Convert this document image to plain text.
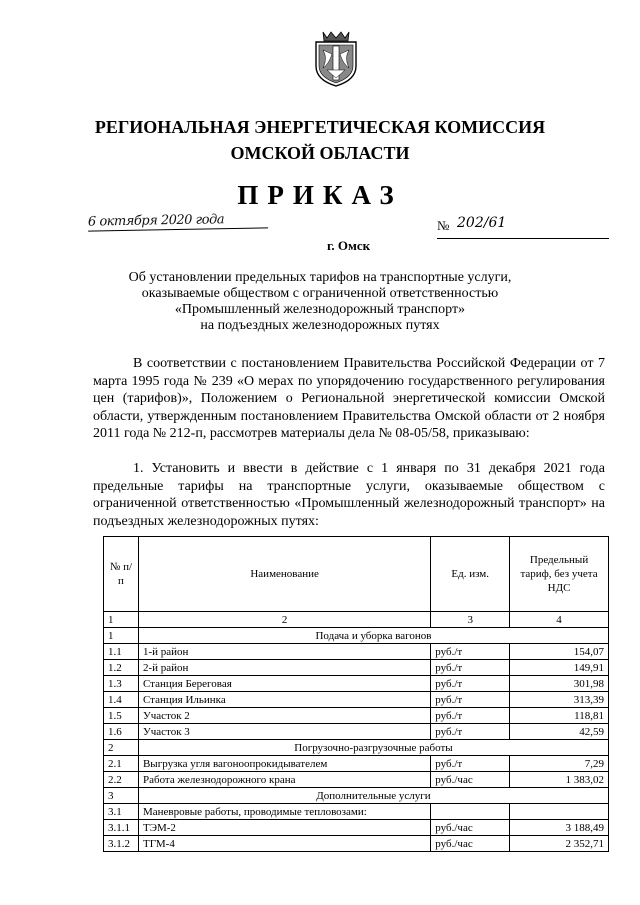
РЕГИОНАЛЬНАЯ ЭНЕРГЕТИЧЕСКАЯ КОМИССИЯ
ОМСКОЙ ОБЛАСТИ
ПРИКАЗ
6 октября 2020 года	№ 202/61
г. Омск
Об установлении предельных тарифов на транспортные услуги,
оказываемые обществом с ограниченной ответственностью
«Промышленный железнодорожный транспорт»
на подъездных железнодорожных путях
В соответствии с постановлением Правительства Российской Федерации от 7 марта 1995 года № 239 «О мерах по упорядочению государственного регулирования цен (тарифов)», Положением о Региональной энергетической комиссии Омской области, утвержденным постановлением Правительства Омской области от 2 ноября 2011 года № 212-п, рассмотрев материалы дела № 08-05/58, приказываю:
1. Установить и ввести в действие с 1 января по 31 декабря 2021 года предельные тарифы на транспортные услуги, оказываемые обществом с ограниченной ответственностью «Промышленный железнодорожный транспорт» на подъездных железнодорожных путях:
№ п/п	Наименование	Ед. изм.	Предельный тариф, без учета НДС
1	2	3	4
1	Подача и уборка вагонов		
1.1	1-й район	руб./т	154,07
1.2	2-й район	руб./т	149,91
1.3	Станция Береговая	руб./т	301,98
1.4	Станция Ильинка	руб./т	313,39
1.5	Участок 2	руб./т	118,81
1.6	Участок 3	руб./т	42,59
2	Погрузочно-разгрузочные работы		
2.1	Выгрузка угля вагоноопрокидывателем	руб./т	7,29
2.2	Работа железнодорожного крана	руб./час	1 383,02
3	Дополнительные услуги		
3.1	Маневровые работы, проводимые тепловозами:		
3.1.1	ТЭМ-2	руб./час	3 188,49
3.1.2	ТГМ-4	руб./час	2 352,71
